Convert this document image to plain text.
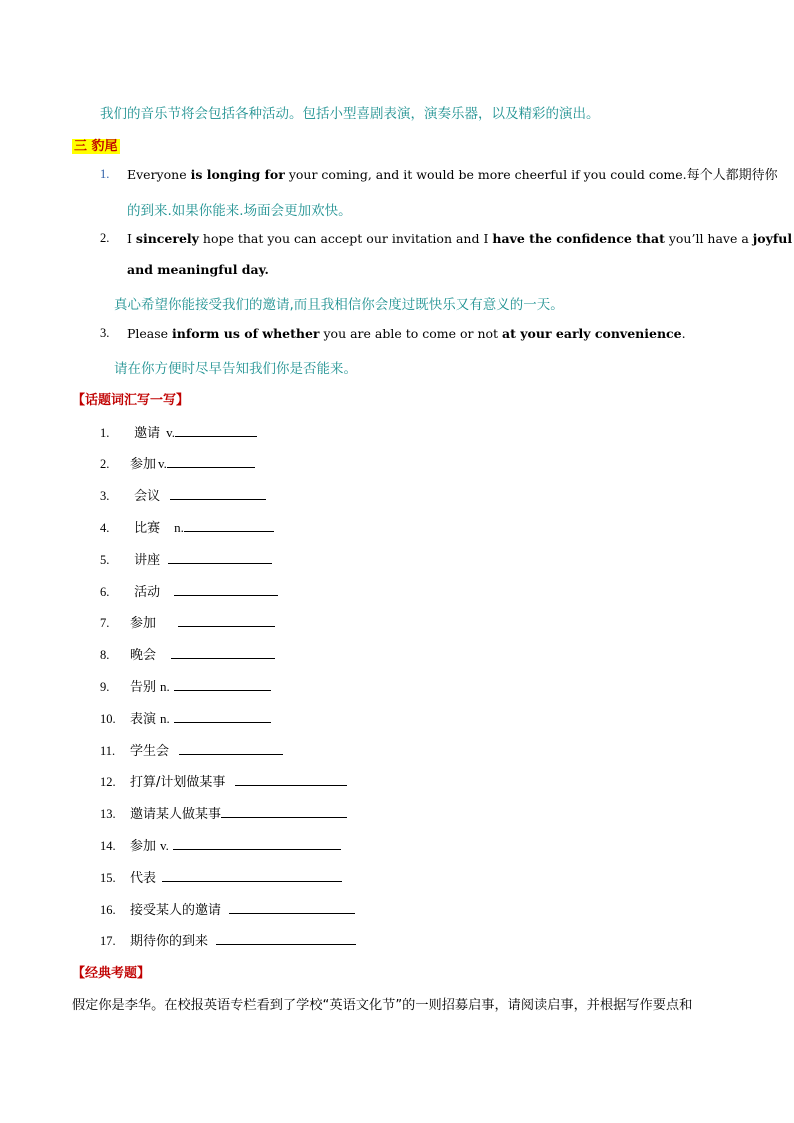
我们的音乐节将会包括各种活动。包括小型喜剧表演，演奏乐器，以及精彩的演出。
三 豹尾
1. Everyone is longing for your coming, and it would be more cheerful if you could come.每个人都期待你
的到来.如果你能来.场面会更加欢快。
2. I sincerely hope that you can accept our invitation and I have the confidence that you’ll have a joyful
and meaningful day.
真心希望你能接受我们的邀请,而且我相信你会度过既快乐又有意义的一天。
3. Please inform us of whether you are able to come or not at your early convenience.
请在你方便时尽早告知我们你是否能来。
【话题词汇写一写】
1. 邀请 v.
2. 参加 v.
3. 会议
4. 比赛 n.
5. 讲座
6. 活动
7. 参加
8. 晚会
9. 告别 n.
10. 表演 n.
11. 学生会
12. 打算/计划做某事
13. 邀请某人做某事
14. 参加 v.
15. 代表
16. 接受某人的邀请
17. 期待你的到来
【经典考题】
假定你是李华。在校报英语专栏看到了学校“英语文化节”的一则招募启事，请阅读启事，并根据写作要点和
